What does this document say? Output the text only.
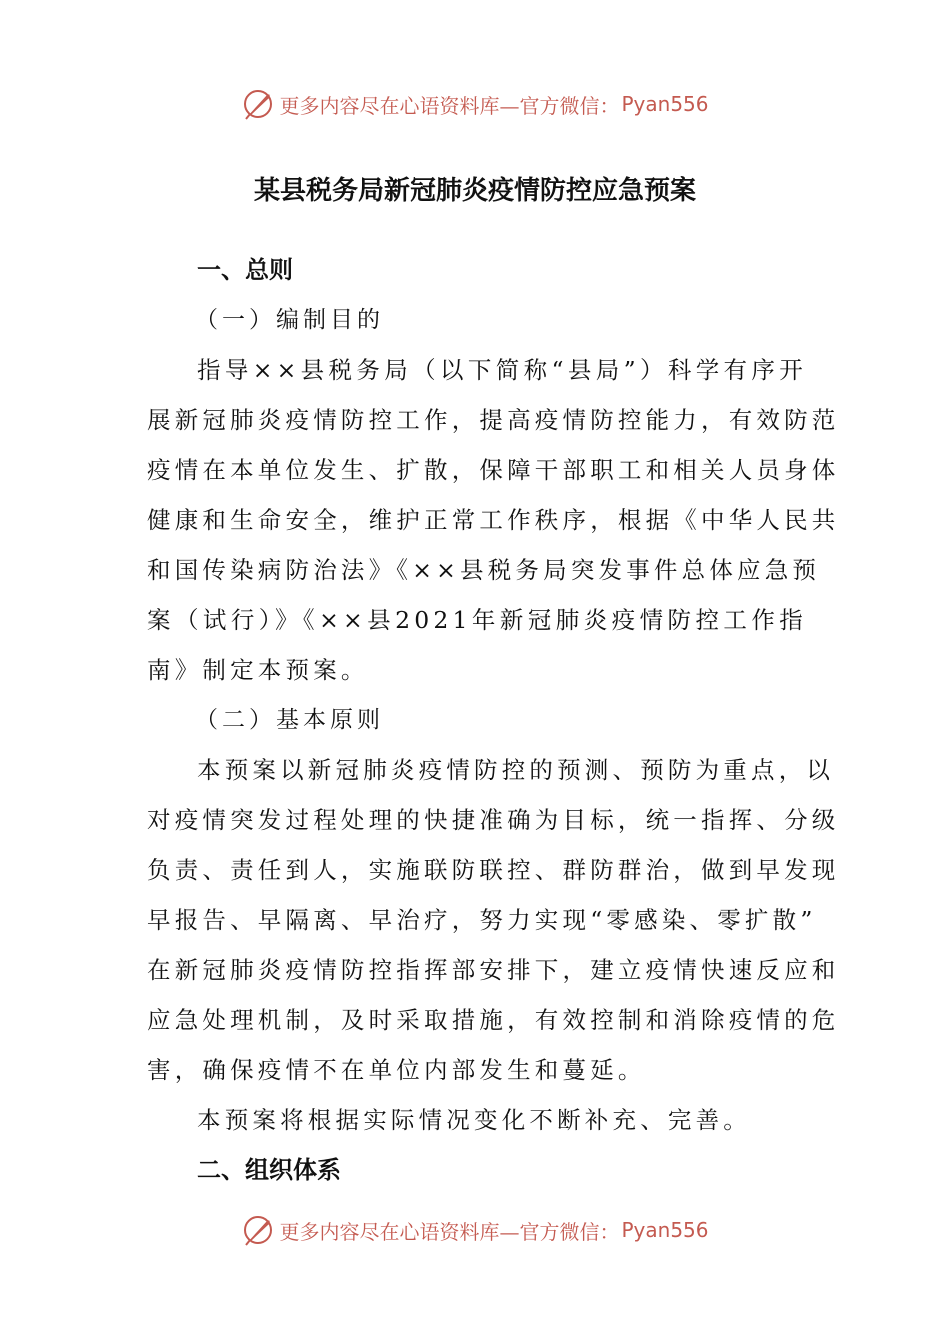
更多内容尽在心语资料库—官方微信： Pyan556
某县税务局新冠肺炎疫情防控应急预案
一、总则
（一）编制目的
指导××县税务局（以下简称“县局”）科学有序开
展新冠肺炎疫情防控工作，提高疫情防控能力，有效防范
疫情在本单位发生、扩散，保障干部职工和相关人员身体
健康和生命安全，维护正常工作秩序，根据《中华人民共
和国传染病防治法》《××县税务局突发事件总体应急预
案（试行）》《××县2021年新冠肺炎疫情防控工作指
南》制定本预案。
（二）基本原则
本预案以新冠肺炎疫情防控的预测、预防为重点，以
对疫情突发过程处理的快捷准确为目标，统一指挥、分级
负责、责任到人，实施联防联控、群防群治，做到早发现
早报告、早隔离、早治疗，努力实现“零感染、零扩散”
在新冠肺炎疫情防控指挥部安排下，建立疫情快速反应和
应急处理机制，及时采取措施，有效控制和消除疫情的危
害，确保疫情不在单位内部发生和蔓延。
本预案将根据实际情况变化不断补充、完善。
二、组织体系
更多内容尽在心语资料库—官方微信： Pyan556
